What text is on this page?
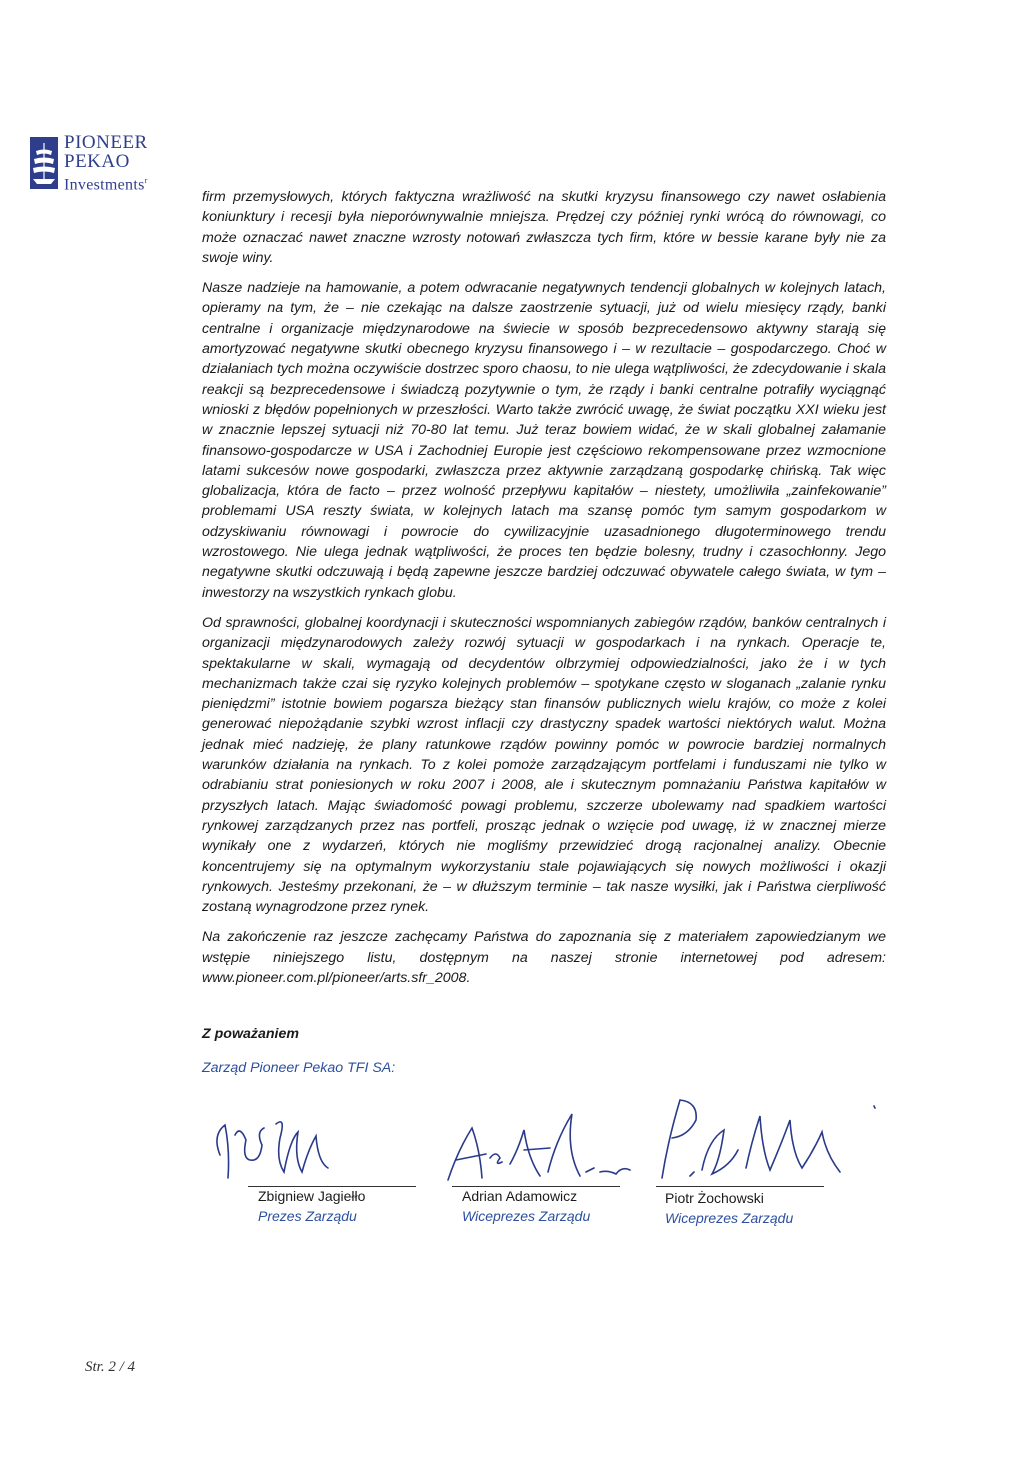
PIONEER
PEKAO
Investments$^r$

firm przemysłowych, których faktyczna wrażliwość na skutki kryzysu finansowego czy nawet osłabienia koniunktury i recesji była nieporównywalnie mniejsza. Prędzej czy później rynki wrócą do równowagi, co może oznaczać nawet znaczne wzrosty notowań zwłaszcza tych firm, które w bessie karane były nie za swoje winy.

Nasze nadzieje na hamowanie, a potem odwracanie negatywnych tendencji globalnych w kolejnych latach, opieramy na tym, że – nie czekając na dalsze zaostrzenie sytuacji, już od wielu miesięcy rządy, banki centralne i organizacje międzynarodowe na świecie w sposób bezprecedensowo aktywny starają się amortyzować negatywne skutki obecnego kryzysu finansowego i – w rezultacie – gospodarczego. Choć w działaniach tych można oczywiście dostrzec sporo chaosu, to nie ulega wątpliwości, że zdecydowanie i skala reakcji są bezprecedensowe i świadczą pozytywnie o tym, że rządy i banki centralne potrafiły wyciągnąć wnioski z błędów popełnionych w przeszłości. Warto także zwrócić uwagę, że świat początku XXI wieku jest w znacznie lepszej sytuacji niż 70-80 lat temu. Już teraz bowiem widać, że w skali globalnej załamanie finansowo-gospodarcze w USA i Zachodniej Europie jest częściowo rekompensowane przez wzmocnione latami sukcesów nowe gospodarki, zwłaszcza przez aktywnie zarządzaną gospodarkę chińską. Tak więc globalizacja, która de facto – przez wolność przepływu kapitałów – niestety, umożliwiła „zainfekowanie” problemami USA reszty świata, w kolejnych latach ma szansę pomóc tym samym gospodarkom w odzyskiwaniu równowagi i powrocie do cywilizacyjnie uzasadnionego długoterminowego trendu wzrostowego. Nie ulega jednak wątpliwości, że proces ten będzie bolesny, trudny i czasochłonny. Jego negatywne skutki odczuwają i będą zapewne jeszcze bardziej odczuwać obywatele całego świata, w tym – inwestorzy na wszystkich rynkach globu.

Od sprawności, globalnej koordynacji i skuteczności wspomnianych zabiegów rządów, banków centralnych i organizacji międzynarodowych zależy rozwój sytuacji w gospodarkach i na rynkach. Operacje te, spektakularne w skali, wymagają od decydentów olbrzymiej odpowiedzialności, jako że i w tych mechanizmach także czai się ryzyko kolejnych problemów – spotykane często w sloganach „zalanie rynku pieniędzmi” istotnie bowiem pogarsza bieżący stan finansów publicznych wielu krajów, co może z kolei generować niepożądanie szybki wzrost inflacji czy drastyczny spadek wartości niektórych walut. Można jednak mieć nadzieję, że plany ratunkowe rządów powinny pomóc w powrocie bardziej normalnych warunków działania na rynkach. To z kolei pomoże zarządzającym portfelami i funduszami nie tylko w odrabianiu strat poniesionych w roku 2007 i 2008, ale i skutecznym pomnażaniu Państwa kapitałów w przyszłych latach. Mając świadomość powagi problemu, szczerze ubolewamy nad spadkiem wartości rynkowej zarządzanych przez nas portfeli, prosząc jednak o wzięcie pod uwagę, iż w znacznej mierze wynikały one z wydarzeń, których nie mogliśmy przewidzieć drogą racjonalnej analizy. Obecnie koncentrujemy się na optymalnym wykorzystaniu stale pojawiających się nowych możliwości i okazji rynkowych. Jesteśmy przekonani, że – w dłuższym terminie – tak nasze wysiłki, jak i Państwa cierpliwość zostaną wynagrodzone przez rynek.

Na zakończenie raz jeszcze zachęcamy Państwa do zapoznania się z materiałem zapowiedzianym we wstępie niniejszego listu, dostępnym na naszej stronie internetowej pod adresem: www.pioneer.com.pl/pioneer/arts.sfr_2008.

Z poważaniem
Zarząd Pioneer Pekao TFI SA:
Zbigniew Jagiełło
Prezes Zarządu
Adrian Adamowicz
Wiceprezes Zarządu
Piotr Żochowski
Wiceprezes Zarządu
Str. 2 / 4
